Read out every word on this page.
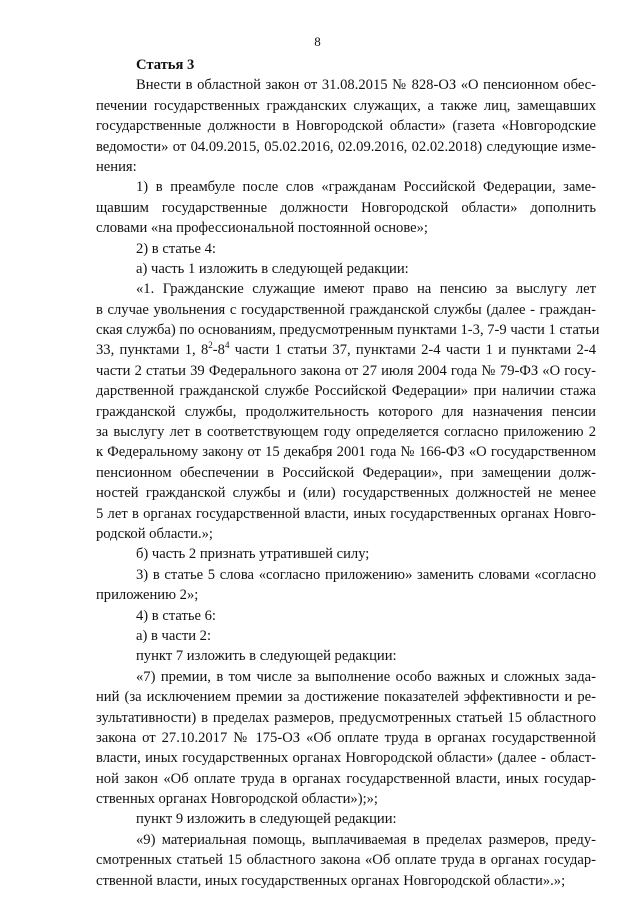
8
Статья 3
Внести в областной закон от 31.08.2015 № 828-ОЗ «О пенсионном обес-
печении государственных гражданских служащих, а также лиц, замещавших
государственные должности в Новгородской области» (газета «Новгородские
ведомости» от 04.09.2015, 05.02.2016, 02.09.2016, 02.02.2018) следующие изме-
нения:
1) в преамбуле после слов «гражданам Российской Федерации, заме-
щавшим государственные должности Новгородской области» дополнить
словами «на профессиональной постоянной основе»;
2) в статье 4:
а) часть 1 изложить в следующей редакции:
«1. Гражданские служащие имеют право на пенсию за выслугу лет
в случае увольнения с государственной гражданской службы (далее - граждан-
ская служба) по основаниям, предусмотренным пунктами 1-3, 7-9 части 1 статьи
33, пунктами 1, $8^2-8^4$ части 1 статьи 37, пунктами 2-4 части 1 и пунктами 2-4
части 2 статьи 39 Федерального закона от 27 июля 2004 года № 79-ФЗ «О госу-
дарственной гражданской службе Российской Федерации» при наличии стажа
гражданской службы, продолжительность которого для назначения пенсии
за выслугу лет в соответствующем году определяется согласно приложению 2
к Федеральному закону от 15 декабря 2001 года № 166-ФЗ «О государственном
пенсионном обеспечении в Российской Федерации», при замещении долж-
ностей гражданской службы и (или) государственных должностей не менее
5 лет в органах государственной власти, иных государственных органах Новго-
родской области.»;
б) часть 2 признать утратившей силу;
3) в статье 5 слова «согласно приложению» заменить словами «согласно
приложению 2»;
4) в статье 6:
а) в части 2:
пункт 7 изложить в следующей редакции:
«7) премии, в том числе за выполнение особо важных и сложных зада-
ний (за исключением премии за достижение показателей эффективности и ре-
зультативности) в пределах размеров, предусмотренных статьей 15 областного
закона от 27.10.2017 № 175-ОЗ «Об оплате труда в органах государственной
власти, иных государственных органах Новгородской области» (далее - област-
ной закон «Об оплате труда в органах государственной власти, иных государ-
ственных органах Новгородской области»);»;
пункт 9 изложить в следующей редакции:
«9) материальная помощь, выплачиваемая в пределах размеров, преду-
смотренных статьей 15 областного закона «Об оплате труда в органах государ-
ственной власти, иных государственных органах Новгородской области».»;
